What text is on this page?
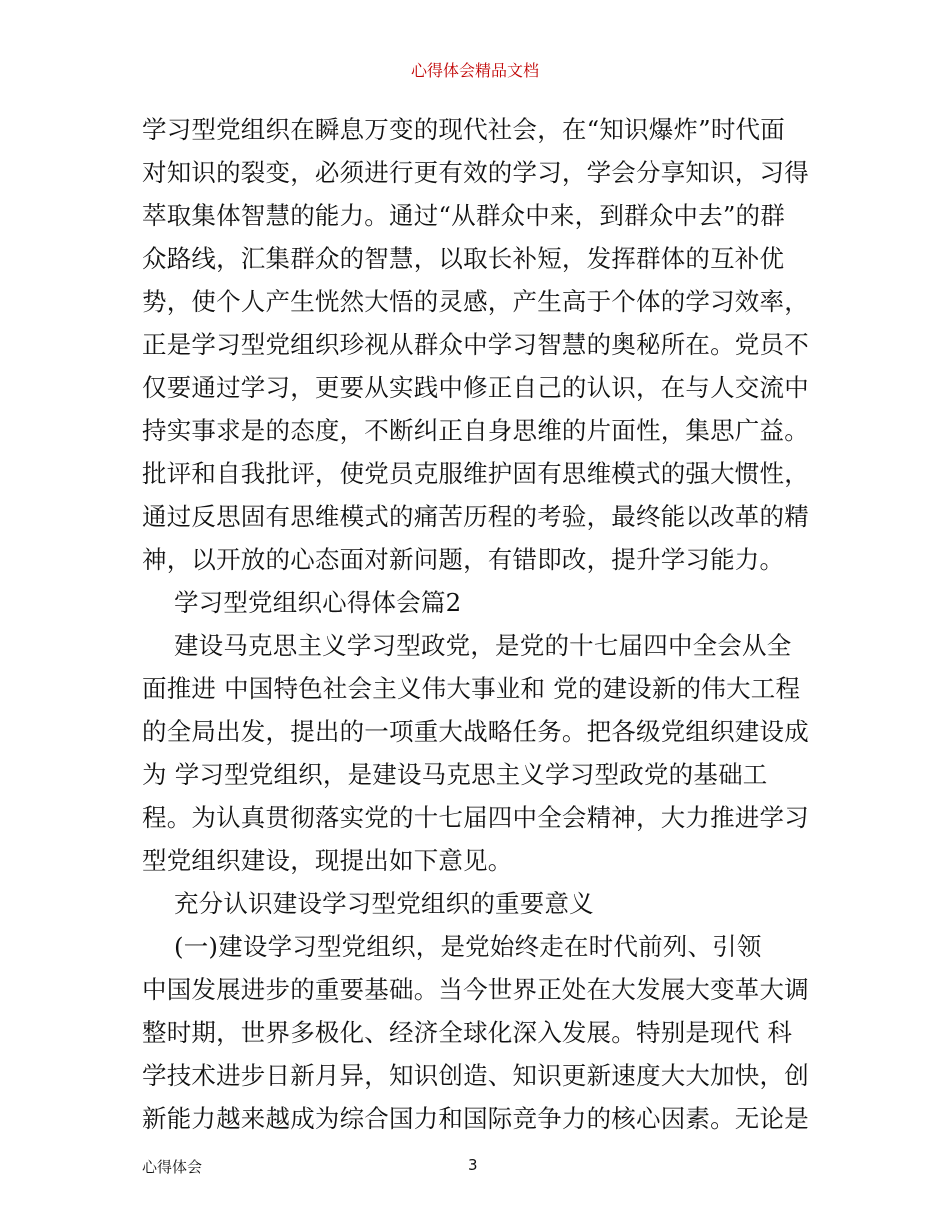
心得体会精品文档
学习型党组织在瞬息万变的现代社会，在“知识爆炸”时代面
对知识的裂变，必须进行更有效的学习，学会分享知识，习得
萃取集体智慧的能力。通过“从群众中来，到群众中去”的群
众路线，汇集群众的智慧，以取长补短，发挥群体的互补优
势，使个人产生恍然大悟的灵感，产生高于个体的学习效率，
正是学习型党组织珍视从群众中学习智慧的奥秘所在。党员不
仅要通过学习，更要从实践中修正自己的认识，在与人交流中
持实事求是的态度，不断纠正自身思维的片面性，集思广益。
批评和自我批评，使党员克服维护固有思维模式的强大惯性，
通过反思固有思维模式的痛苦历程的考验，最终能以改革的精
神，以开放的心态面对新问题，有错即改，提升学习能力。
学习型党组织心得体会篇2
建设马克思主义学习型政党，是党的十七届四中全会从全
面推进 中国特色社会主义伟大事业和 党的建设新的伟大工程
的全局出发，提出的一项重大战略任务。把各级党组织建设成
为 学习型党组织，是建设马克思主义学习型政党的基础工
程。为认真贯彻落实党的十七届四中全会精神，大力推进学习
型党组织建设，现提出如下意见。
充分认识建设学习型党组织的重要意义
(一)建设学习型党组织，是党始终走在时代前列、引领
中国发展进步的重要基础。当今世界正处在大发展大变革大调
整时期，世界多极化、经济全球化深入发展。特别是现代 科
学技术进步日新月异，知识创造、知识更新速度大大加快，创
新能力越来越成为综合国力和国际竞争力的核心因素。无论是
心得体会	3
